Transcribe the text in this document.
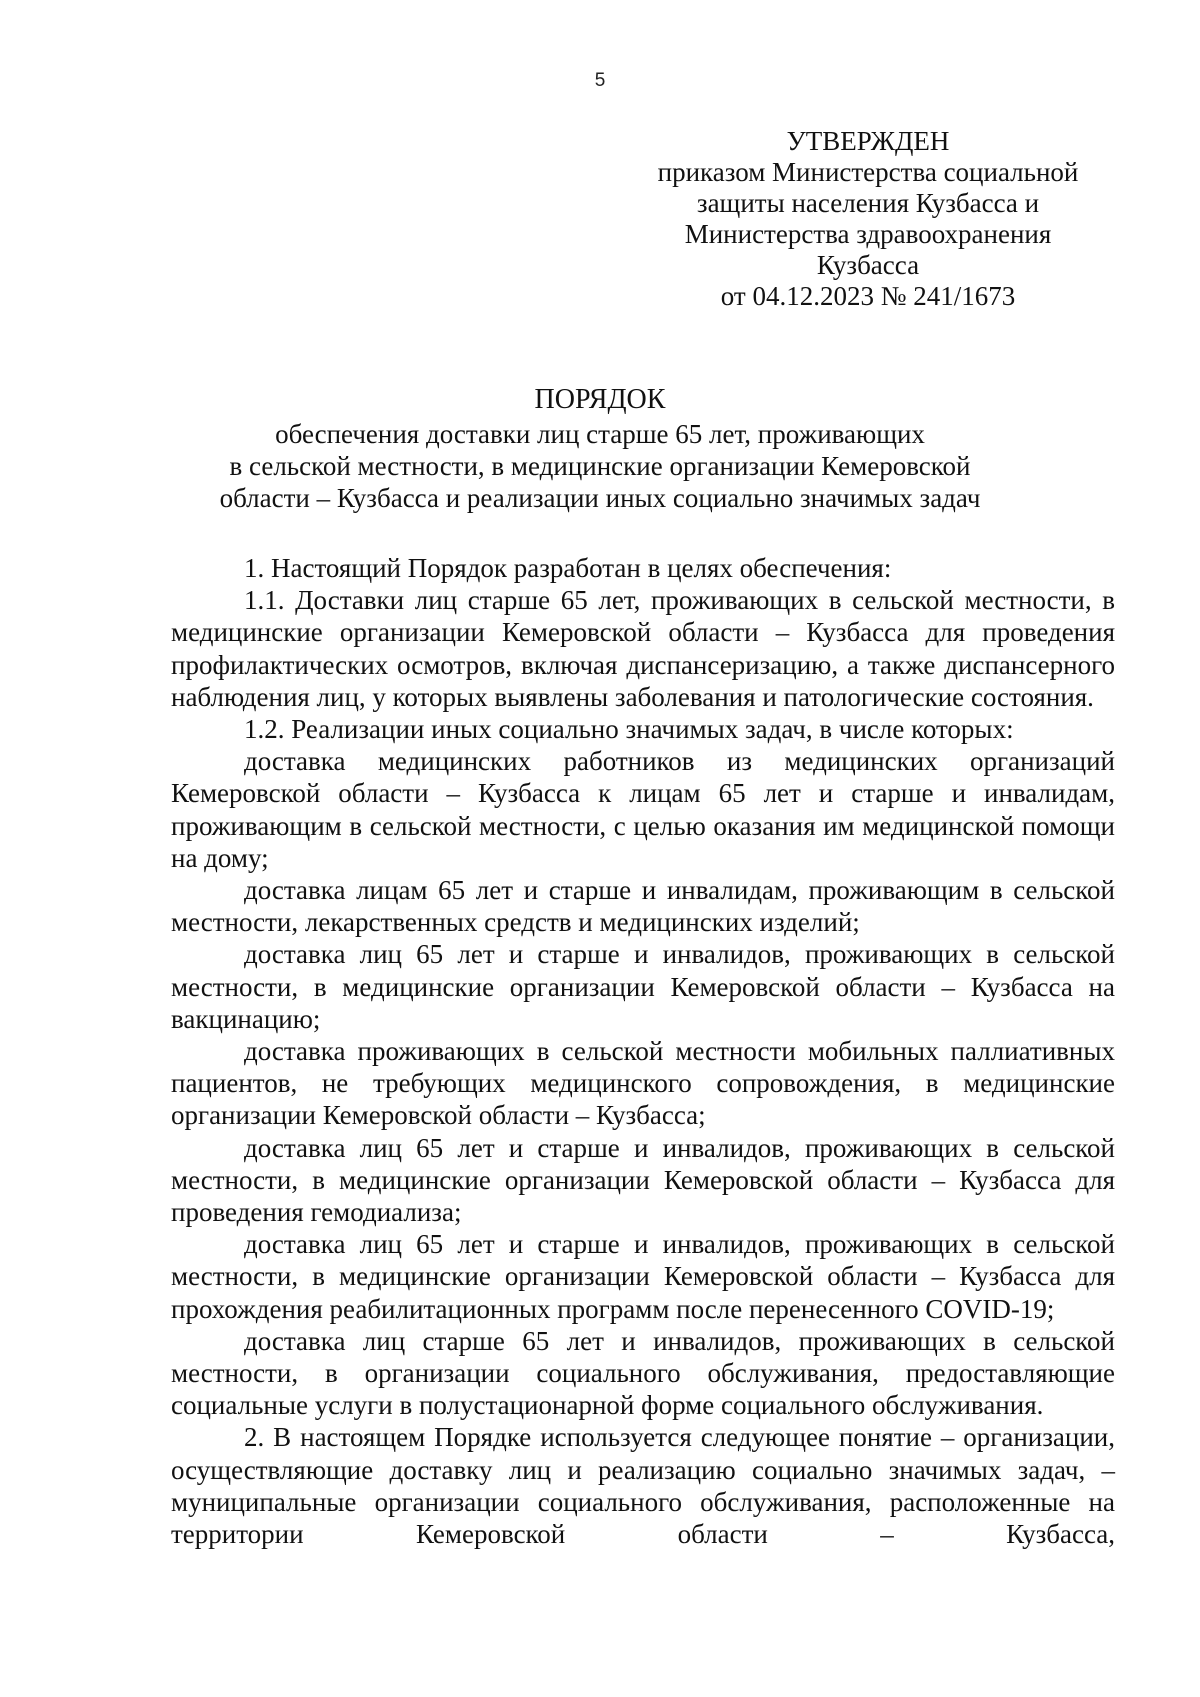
5
УТВЕРЖДЕН
приказом Министерства социальной
защиты населения Кузбасса и
Министерства здравоохранения
Кузбасса
от 04.12.2023 № 241/1673
ПОРЯДОК
обеспечения доставки лиц старше 65 лет, проживающих
в сельской местности, в медицинские организации Кемеровской
области – Кузбасса и реализации иных социально значимых задач

1. Настоящий Порядок разработан в целях обеспечения:

1.1. Доставки лиц старше 65 лет, проживающих в сельской местности, в медицинские организации Кемеровской области – Кузбасса для проведения профилактических осмотров, включая диспансеризацию, а также диспансерного наблюдения лиц, у которых выявлены заболевания и патологические состояния.

1.2. Реализации иных социально значимых задач, в числе которых:

доставка медицинских работников из медицинских организаций Кемеровской области – Кузбасса к лицам 65 лет и старше и инвалидам, проживающим в сельской местности, с целью оказания им медицинской помощи на дому;

доставка лицам 65 лет и старше и инвалидам, проживающим в сельской местности, лекарственных средств и медицинских изделий;

доставка лиц 65 лет и старше и инвалидов, проживающих в сельской местности, в медицинские организации Кемеровской области – Кузбасса на вакцинацию;

доставка проживающих в сельской местности мобильных паллиативных пациентов, не требующих медицинского сопровождения, в медицинские организации Кемеровской области – Кузбасса;

доставка лиц 65 лет и старше и инвалидов, проживающих в сельской местности, в медицинские организации Кемеровской области – Кузбасса для проведения гемодиализа;

доставка лиц 65 лет и старше и инвалидов, проживающих в сельской местности, в медицинские организации Кемеровской области – Кузбасса для прохождения реабилитационных программ после перенесенного COVID-19;

доставка лиц старше 65 лет и инвалидов, проживающих в сельской местности, в организации социального обслуживания, предоставляющие социальные услуги в полустационарной форме социального обслуживания.

2. В настоящем Порядке используется следующее понятие – организации, осуществляющие доставку лиц и реализацию социально значимых задач, – муниципальные организации социального обслуживания, расположенные на территории Кемеровской области – Кузбасса,
